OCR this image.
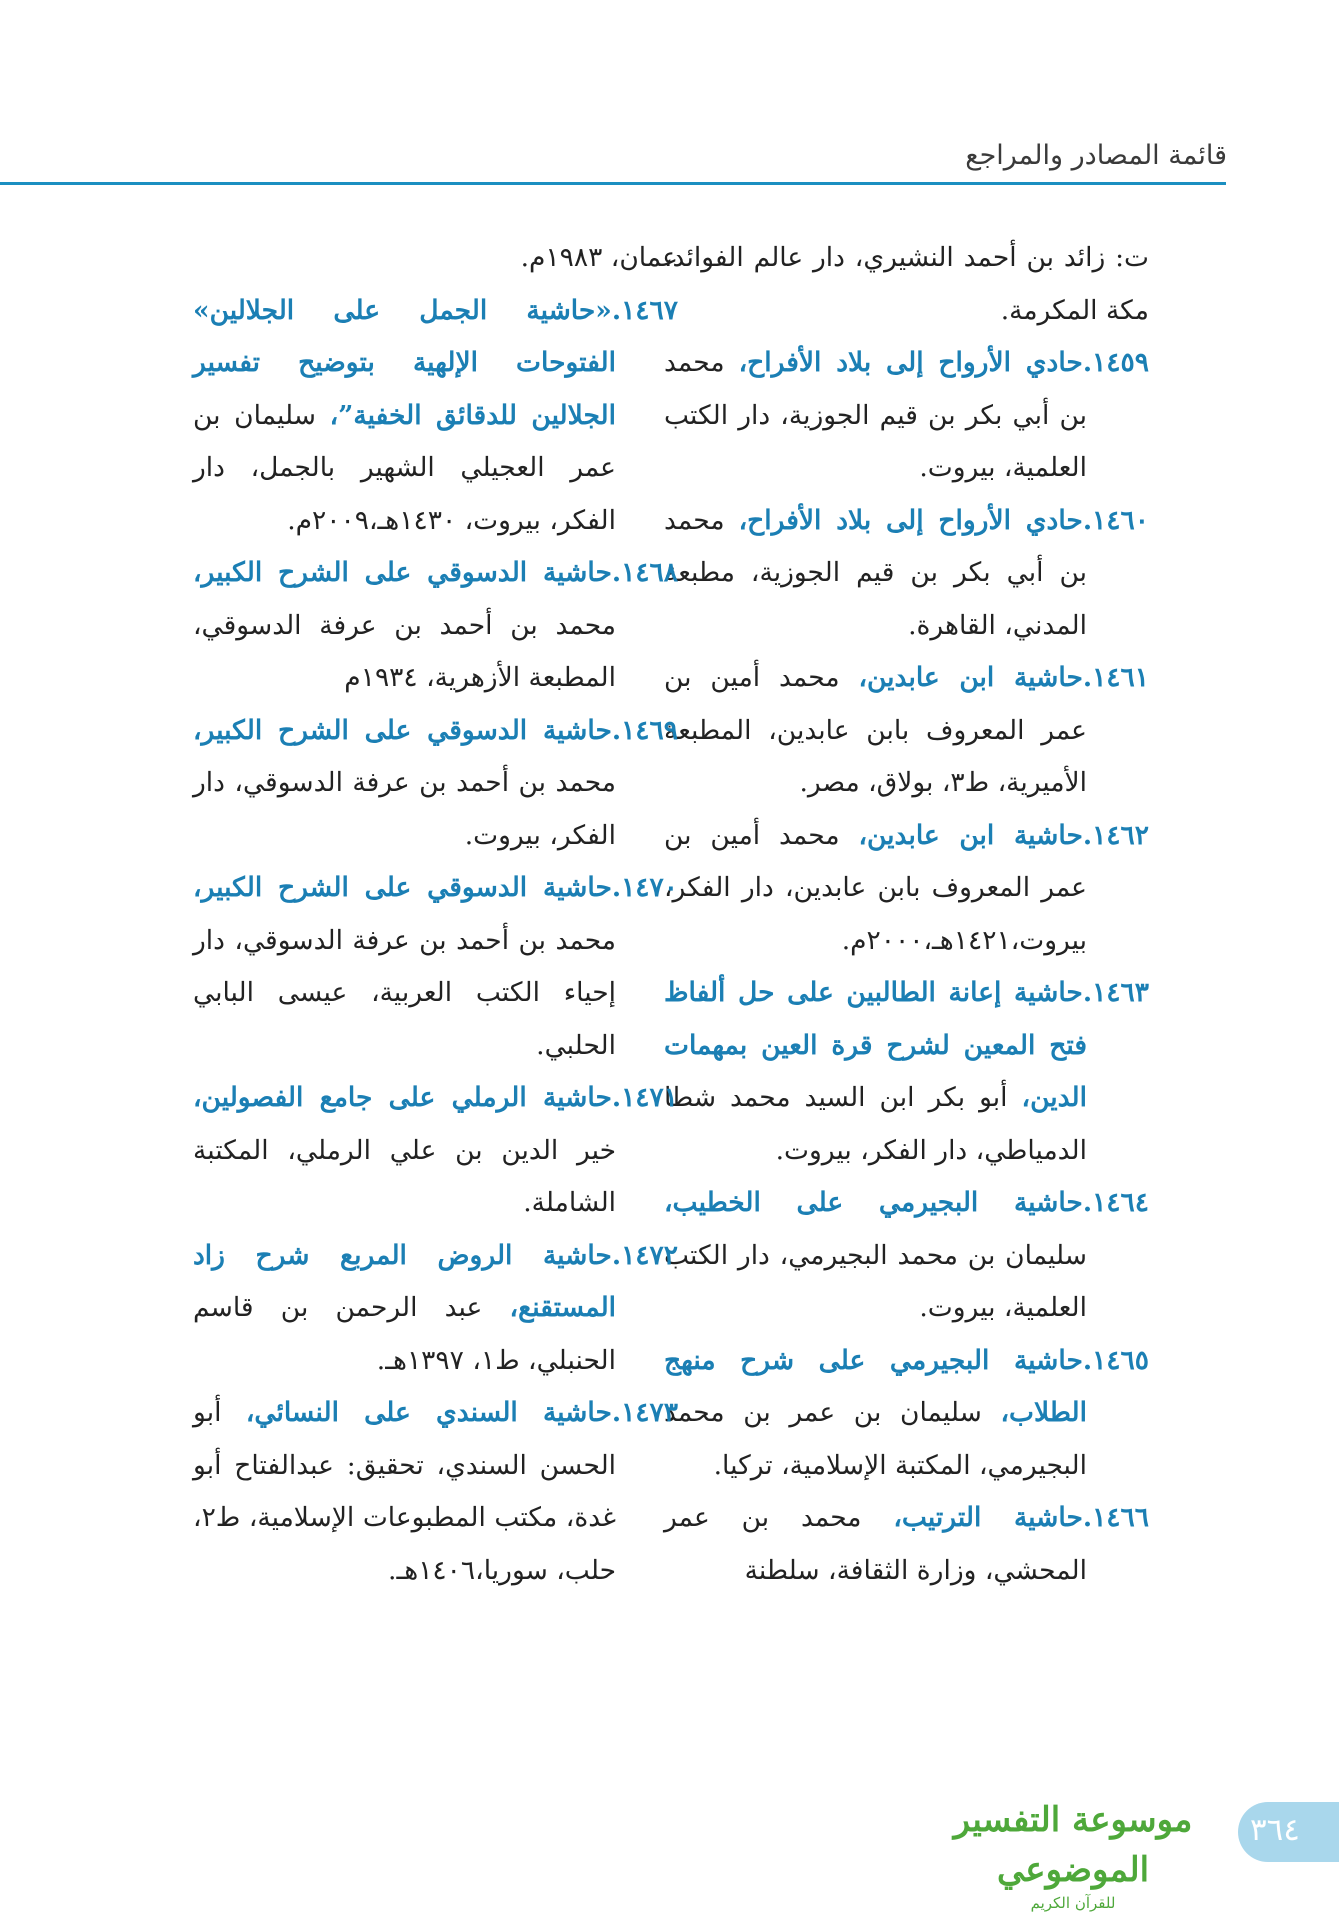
قائمة المصادر والمراجع

ت: زائد بن أحمد النشيري، دار عالم الفوائد، مكة المكرمة.

١٤٥٩.حادي الأرواح إلى بلاد الأفراح، محمد بن أبي بكر بن قيم الجوزية، دار الكتب العلمية، بيروت.

١٤٦٠.حادي الأرواح إلى بلاد الأفراح، محمد بن أبي بكر بن قيم الجوزية، مطبعة المدني، القاهرة.

١٤٦١.حاشية ابن عابدين، محمد أمين بن عمر المعروف بابن عابدين، المطبعة الأميرية، ط٣، بولاق، مصر.

١٤٦٢.حاشية ابن عابدين، محمد أمين بن عمر المعروف بابن عابدين، دار الفكر، بيروت،١٤٢١هـ،٢٠٠٠م.

١٤٦٣.حاشية إعانة الطالبين على حل ألفاظ فتح المعين لشرح قرة العين بمهمات الدين، أبو بكر ابن السيد محمد شطا الدمياطي، دار الفكر، بيروت.

١٤٦٤.حاشية البجيرمي على الخطيب، سليمان بن محمد البجيرمي، دار الكتب العلمية، بيروت.

١٤٦٥.حاشية البجيرمي على شرح منهج الطلاب، سليمان بن عمر بن محمد البجيرمي، المكتبة الإسلامية، تركيا.

١٤٦٦.حاشية الترتيب، محمد بن عمر المحشي، وزارة الثقافة، سلطنة

عمان، ١٩٨٣م.

١٤٦٧.«حاشية الجمل على الجلالين» الفتوحات الإلهية بتوضيح تفسير الجلالين للدقائق الخفية”، سليمان بن عمر العجيلي الشهير بالجمل، دار الفكر، بيروت، ١٤٣٠هـ،٢٠٠٩م.

١٤٦٨.حاشية الدسوقي على الشرح الكبير، محمد بن أحمد بن عرفة الدسوقي، المطبعة الأزهرية، ١٩٣٤م

١٤٦٩.حاشية الدسوقي على الشرح الكبير، محمد بن أحمد بن عرفة الدسوقي، دار الفكر، بيروت.

١٤٧٠.حاشية الدسوقي على الشرح الكبير، محمد بن أحمد بن عرفة الدسوقي، دار إحياء الكتب العربية، عيسى البابي الحلبي.

١٤٧١.حاشية الرملي على جامع الفصولين، خير الدين بن علي الرملي، المكتبة الشاملة.

١٤٧٢.حاشية الروض المربع شرح زاد المستقنع، عبد الرحمن بن قاسم الحنبلي، ط١، ١٣٩٧هـ.

١٤٧٣.حاشية السندي على النسائي، أبو الحسن السندي، تحقيق: عبدالفتاح أبو غدة، مكتب المطبوعات الإسلامية، ط٢، حلب، سوريا،١٤٠٦هـ.

موسوعة التفسير الموضوعي
للقرآن الكريم
٣٦٤
